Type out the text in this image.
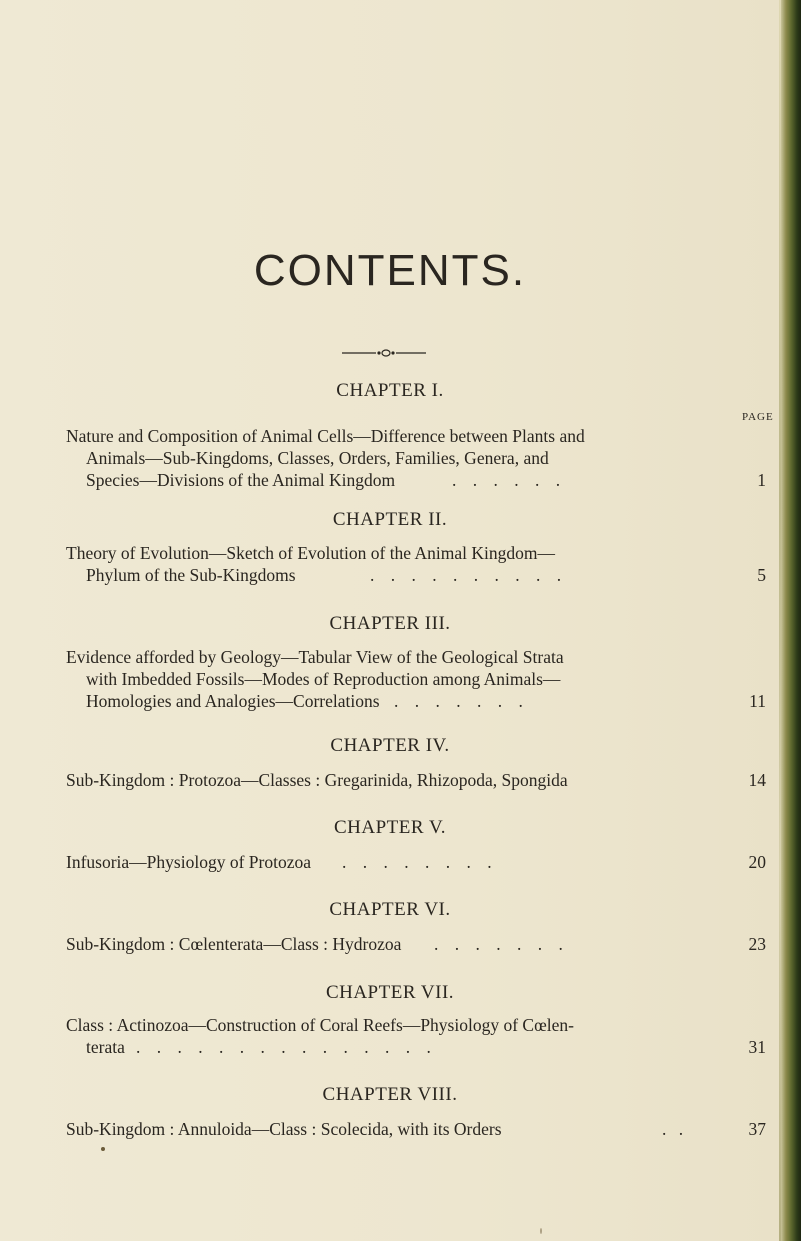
CONTENTS.
PAGE
CHAPTER I.
Nature and Composition of Animal Cells—Difference between Plants and
Animals—Sub-Kingdoms, Classes, Orders, Families, Genera, and
Species—Divisions of the Animal Kingdom	. . . . . .	1
CHAPTER II.
Theory of Evolution—Sketch of Evolution of the Animal Kingdom—
Phylum of the Sub-Kingdoms	. . . . . . . . . .	5
CHAPTER III.
Evidence afforded by Geology—Tabular View of the Geological Strata
with Imbedded Fossils—Modes of Reproduction among Animals—
Homologies and Analogies—Correlations . . . . . . .	11
CHAPTER IV.
Sub-Kingdom : Protozoa—Classes : Gregarinida, Rhizopoda, Spongida	14
CHAPTER V.
Infusoria—Physiology of Protozoa . . . . . . . .	20
CHAPTER VI.
Sub-Kingdom : Cœlenterata—Class : Hydrozoa . . . . . . .	23
CHAPTER VII.
Class : Actinozoa—Construction of Coral Reefs—Physiology of Cœlen-
terata . . . . . . . . . . . . . . .	31
CHAPTER VIII.
Sub-Kingdom : Annuloida—Class : Scolecida, with its Orders	. .	37
